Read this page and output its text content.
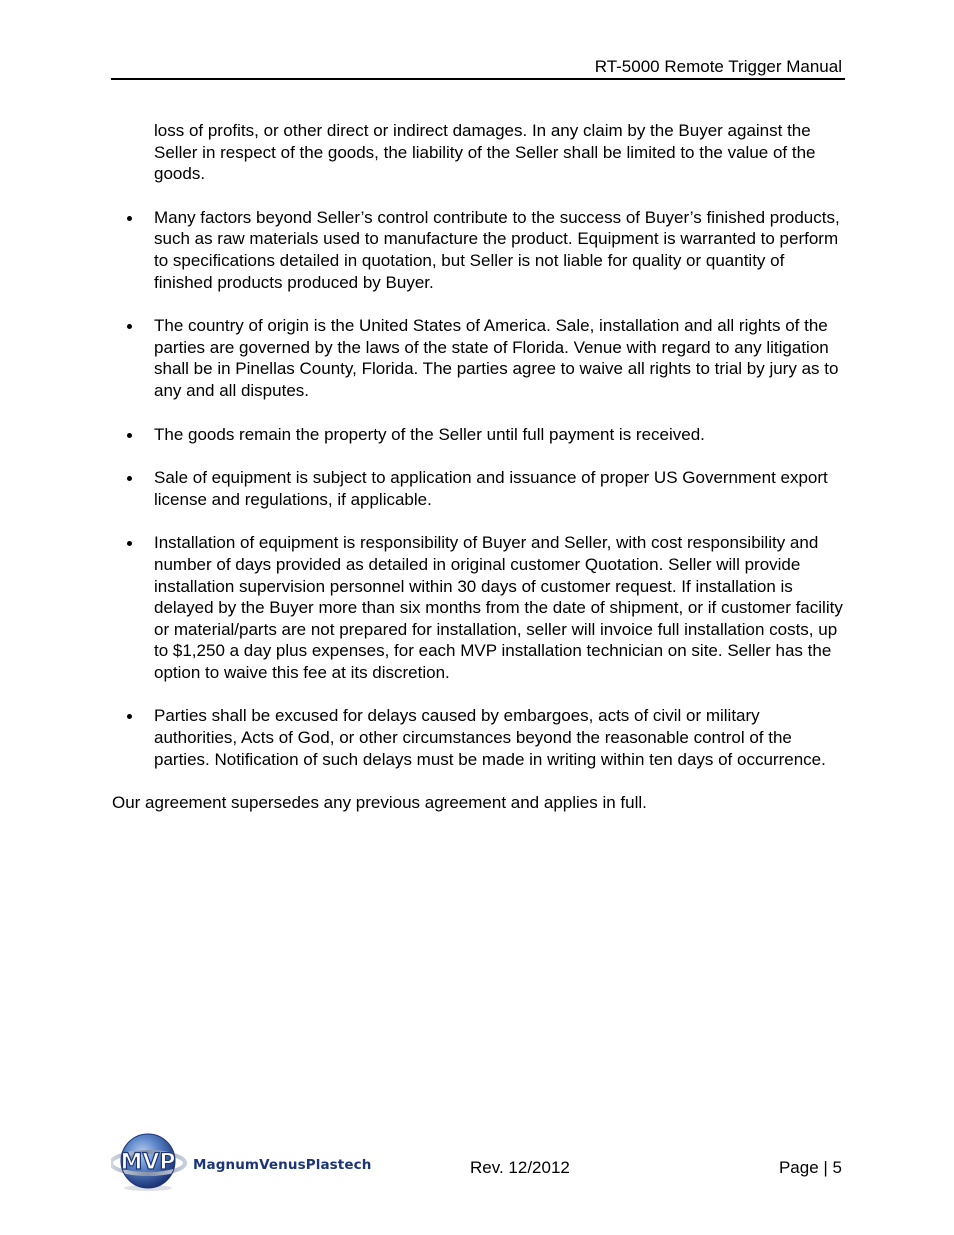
RT-5000 Remote Trigger Manual

loss of profits, or other direct or indirect damages. In any claim by the Buyer against the Seller in respect of the goods, the liability of the Seller shall be limited to the value of the goods.

Many factors beyond Seller’s control contribute to the success of Buyer’s finished products, such as raw materials used to manufacture the product. Equipment is warranted to perform to specifications detailed in quotation, but Seller is not liable for quality or quantity of finished products produced by Buyer.
The country of origin is the United States of America. Sale, installation and all rights of the parties are governed by the laws of the state of Florida. Venue with regard to any litigation shall be in Pinellas County, Florida. The parties agree to waive all rights to trial by jury as to any and all disputes.
The goods remain the property of the Seller until full payment is received.
Sale of equipment is subject to application and issuance of proper US Government export license and regulations, if applicable.
Installation of equipment is responsibility of Buyer and Seller, with cost responsibility and number of days provided as detailed in original customer Quotation. Seller will provide installation supervision personnel within 30 days of customer request. If installation is delayed by the Buyer more than six months from the date of shipment, or if customer facility or material/parts are not prepared for installation, seller will invoice full installation costs, up to $1,250 a day plus expenses, for each MVP installation technician on site. Seller has the option to waive this fee at its discretion.
Parties shall be excused for delays caused by embargoes, acts of civil or military authorities, Acts of God, or other circumstances beyond the reasonable control of the parties. Notification of such delays must be made in writing within ten days of occurrence.

Our agreement supersedes any previous agreement and applies in full.

MVP MagnumVenusPlastech	Rev. 12/2012	Page | 5
